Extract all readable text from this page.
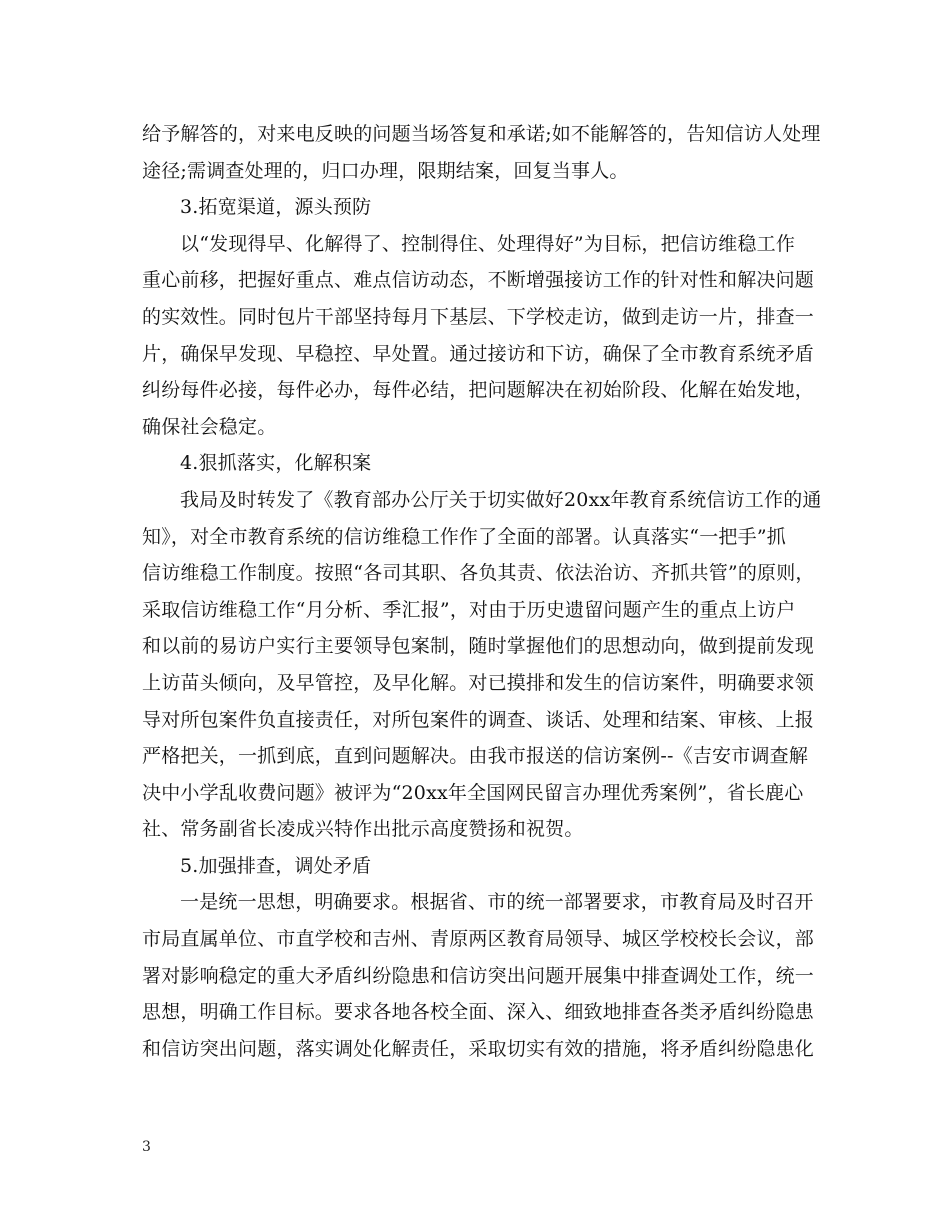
给予解答的，对来电反映的问题当场答复和承诺;如不能解答的，告知信访人处理
途径;需调查处理的，归口办理，限期结案，回复当事人。
3.拓宽渠道，源头预防
以“发现得早、化解得了、控制得住、处理得好”为目标，把信访维稳工作
重心前移，把握好重点、难点信访动态，不断增强接访工作的针对性和解决问题
的实效性。同时包片干部坚持每月下基层、下学校走访，做到走访一片，排查一
片，确保早发现、早稳控、早处置。通过接访和下访，确保了全市教育系统矛盾
纠纷每件必接，每件必办，每件必结，把问题解决在初始阶段、化解在始发地，
确保社会稳定。
4.狠抓落实，化解积案
我局及时转发了《教育部办公厅关于切实做好20xx年教育系统信访工作的通
知》，对全市教育系统的信访维稳工作作了全面的部署。认真落实“一把手”抓
信访维稳工作制度。按照“各司其职、各负其责、依法治访、齐抓共管”的原则，
采取信访维稳工作“月分析、季汇报”，对由于历史遗留问题产生的重点上访户
和以前的易访户实行主要领导包案制，随时掌握他们的思想动向，做到提前发现
上访苗头倾向，及早管控，及早化解。对已摸排和发生的信访案件，明确要求领
导对所包案件负直接责任，对所包案件的调查、谈话、处理和结案、审核、上报
严格把关，一抓到底，直到问题解决。由我市报送的信访案例--《吉安市调查解
决中小学乱收费问题》被评为“20xx年全国网民留言办理优秀案例”，省长鹿心
社、常务副省长凌成兴特作出批示高度赞扬和祝贺。
5.加强排查，调处矛盾
一是统一思想，明确要求。根据省、市的统一部署要求，市教育局及时召开
市局直属单位、市直学校和吉州、青原两区教育局领导、城区学校校长会议，部
署对影响稳定的重大矛盾纠纷隐患和信访突出问题开展集中排查调处工作，统一
思想，明确工作目标。要求各地各校全面、深入、细致地排查各类矛盾纠纷隐患
和信访突出问题，落实调处化解责任，采取切实有效的措施，将矛盾纠纷隐患化
3
